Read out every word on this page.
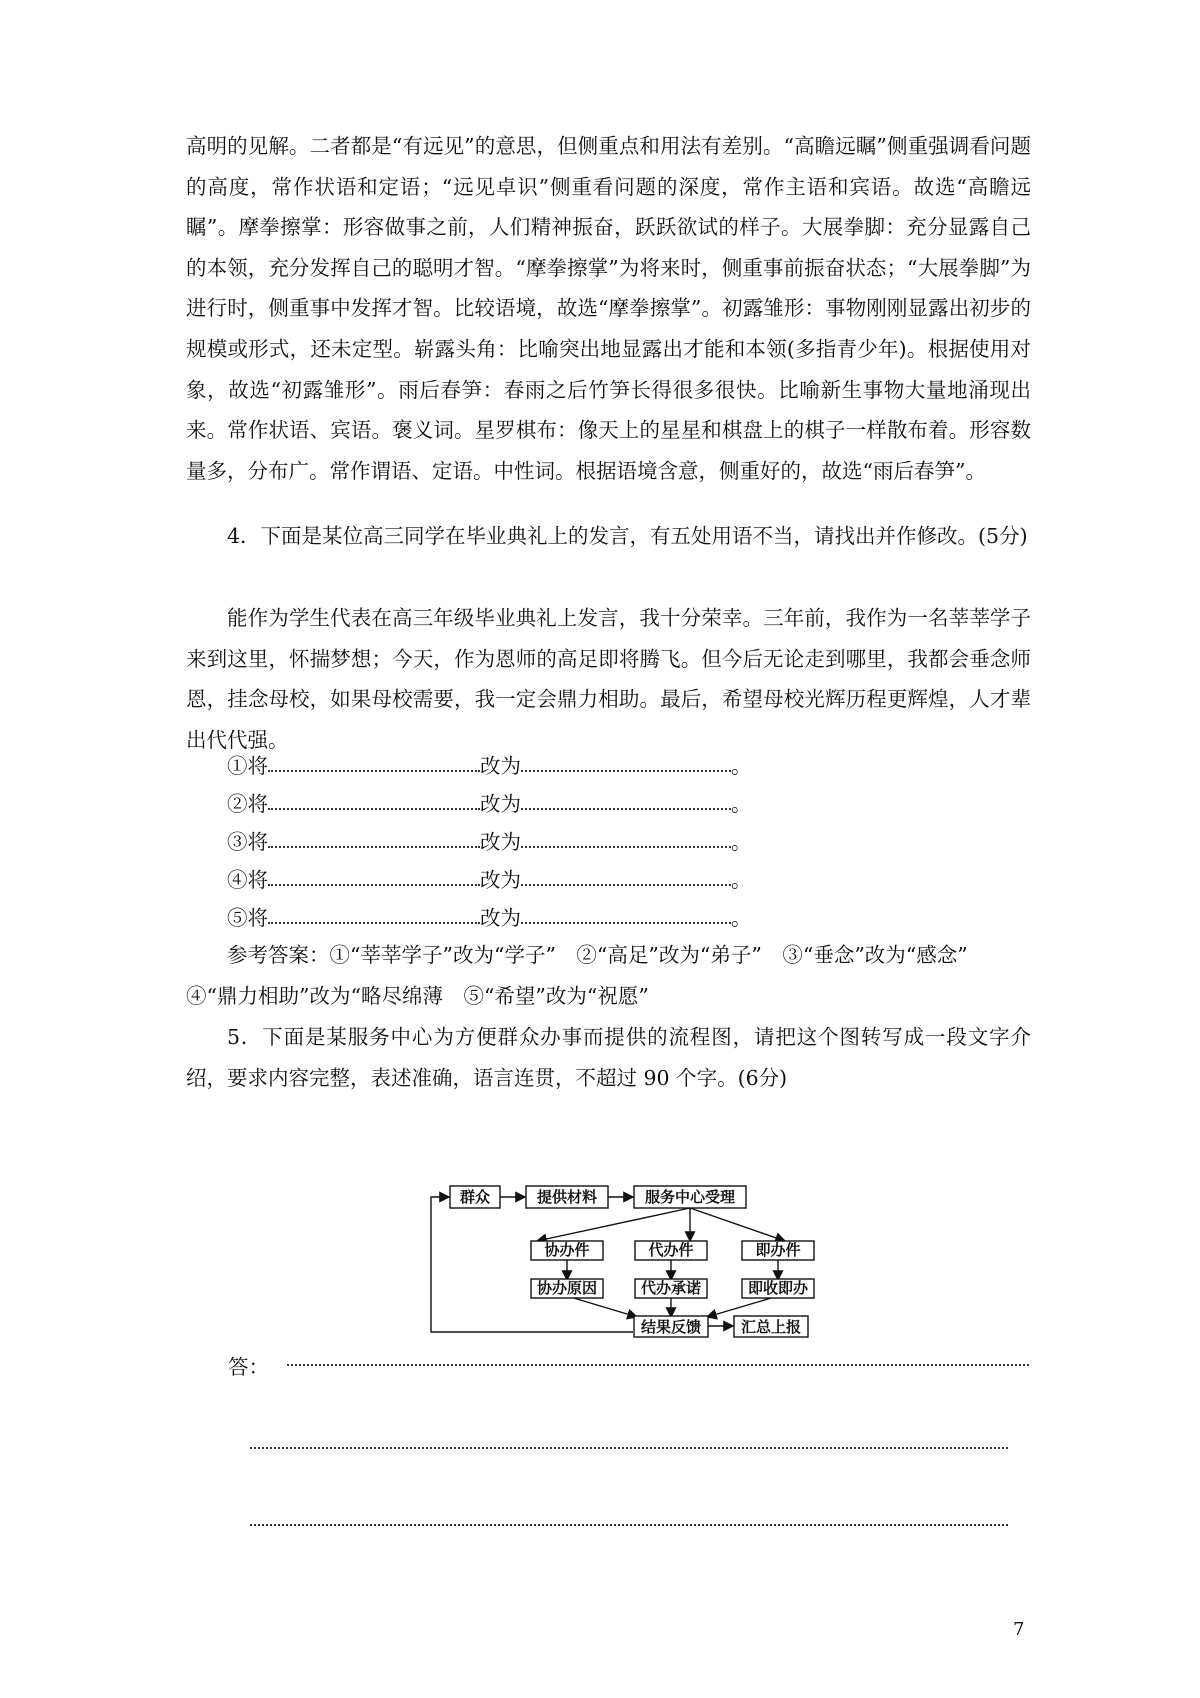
高明的见解。二者都是“有远见”的意思，但侧重点和用法有差别。“高瞻远瞩”侧重强调看问题的高度，常作状语和定语；“远见卓识”侧重看问题的深度，常作主语和宾语。故选“高瞻远瞩”。摩拳擦掌：形容做事之前，人们精神振奋，跃跃欲试的样子。大展拳脚：充分显露自己的本领，充分发挥自己的聪明才智。“摩拳擦掌”为将来时，侧重事前振奋状态；“大展拳脚”为进行时，侧重事中发挥才智。比较语境，故选“摩拳擦掌”。初露雏形：事物刚刚显露出初步的规模或形式，还未定型。崭露头角：比喻突出地显露出才能和本领(多指青少年)。根据使用对象，故选“初露雏形”。雨后春笋：春雨之后竹笋长得很多很快。比喻新生事物大量地涌现出来。常作状语、宾语。褒义词。星罗棋布：像天上的星星和棋盘上的棋子一样散布着。形容数量多，分布广。常作谓语、定语。中性词。根据语境含意，侧重好的，故选“雨后春笋”。

4．下面是某位高三同学在毕业典礼上的发言，有五处用语不当，请找出并作修改。(5分)

能作为学生代表在高三年级毕业典礼上发言，我十分荣幸。三年前，我作为一名莘莘学子来到这里，怀揣梦想；今天，作为恩师的高足即将腾飞。但今后无论走到哪里，我都会垂念师恩，挂念母校，如果母校需要，我一定会鼎力相助。最后，希望母校光辉历程更辉煌，人才辈出代代强。

①将	改为	。
②将	改为	。
③将	改为	。
④将	改为	。
⑤将	改为	。

参考答案：①“莘莘学子”改为“学子”　②“高足”改为“弟子”　③“垂念”改为“感念”　④“鼎力相助”改为“略尽绵薄　⑤“希望”改为“祝愿”

5．下面是某服务中心为方便群众办事而提供的流程图，请把这个图转写成一段文字介绍，要求内容完整，表述准确，语言连贯，不超过 90 个字。(6分)

群众	提供材料	服务中心受理
协办件	代办件	即办件
协办原因	代办承诺	即收即办
结果反馈	汇总上报
答：
7
